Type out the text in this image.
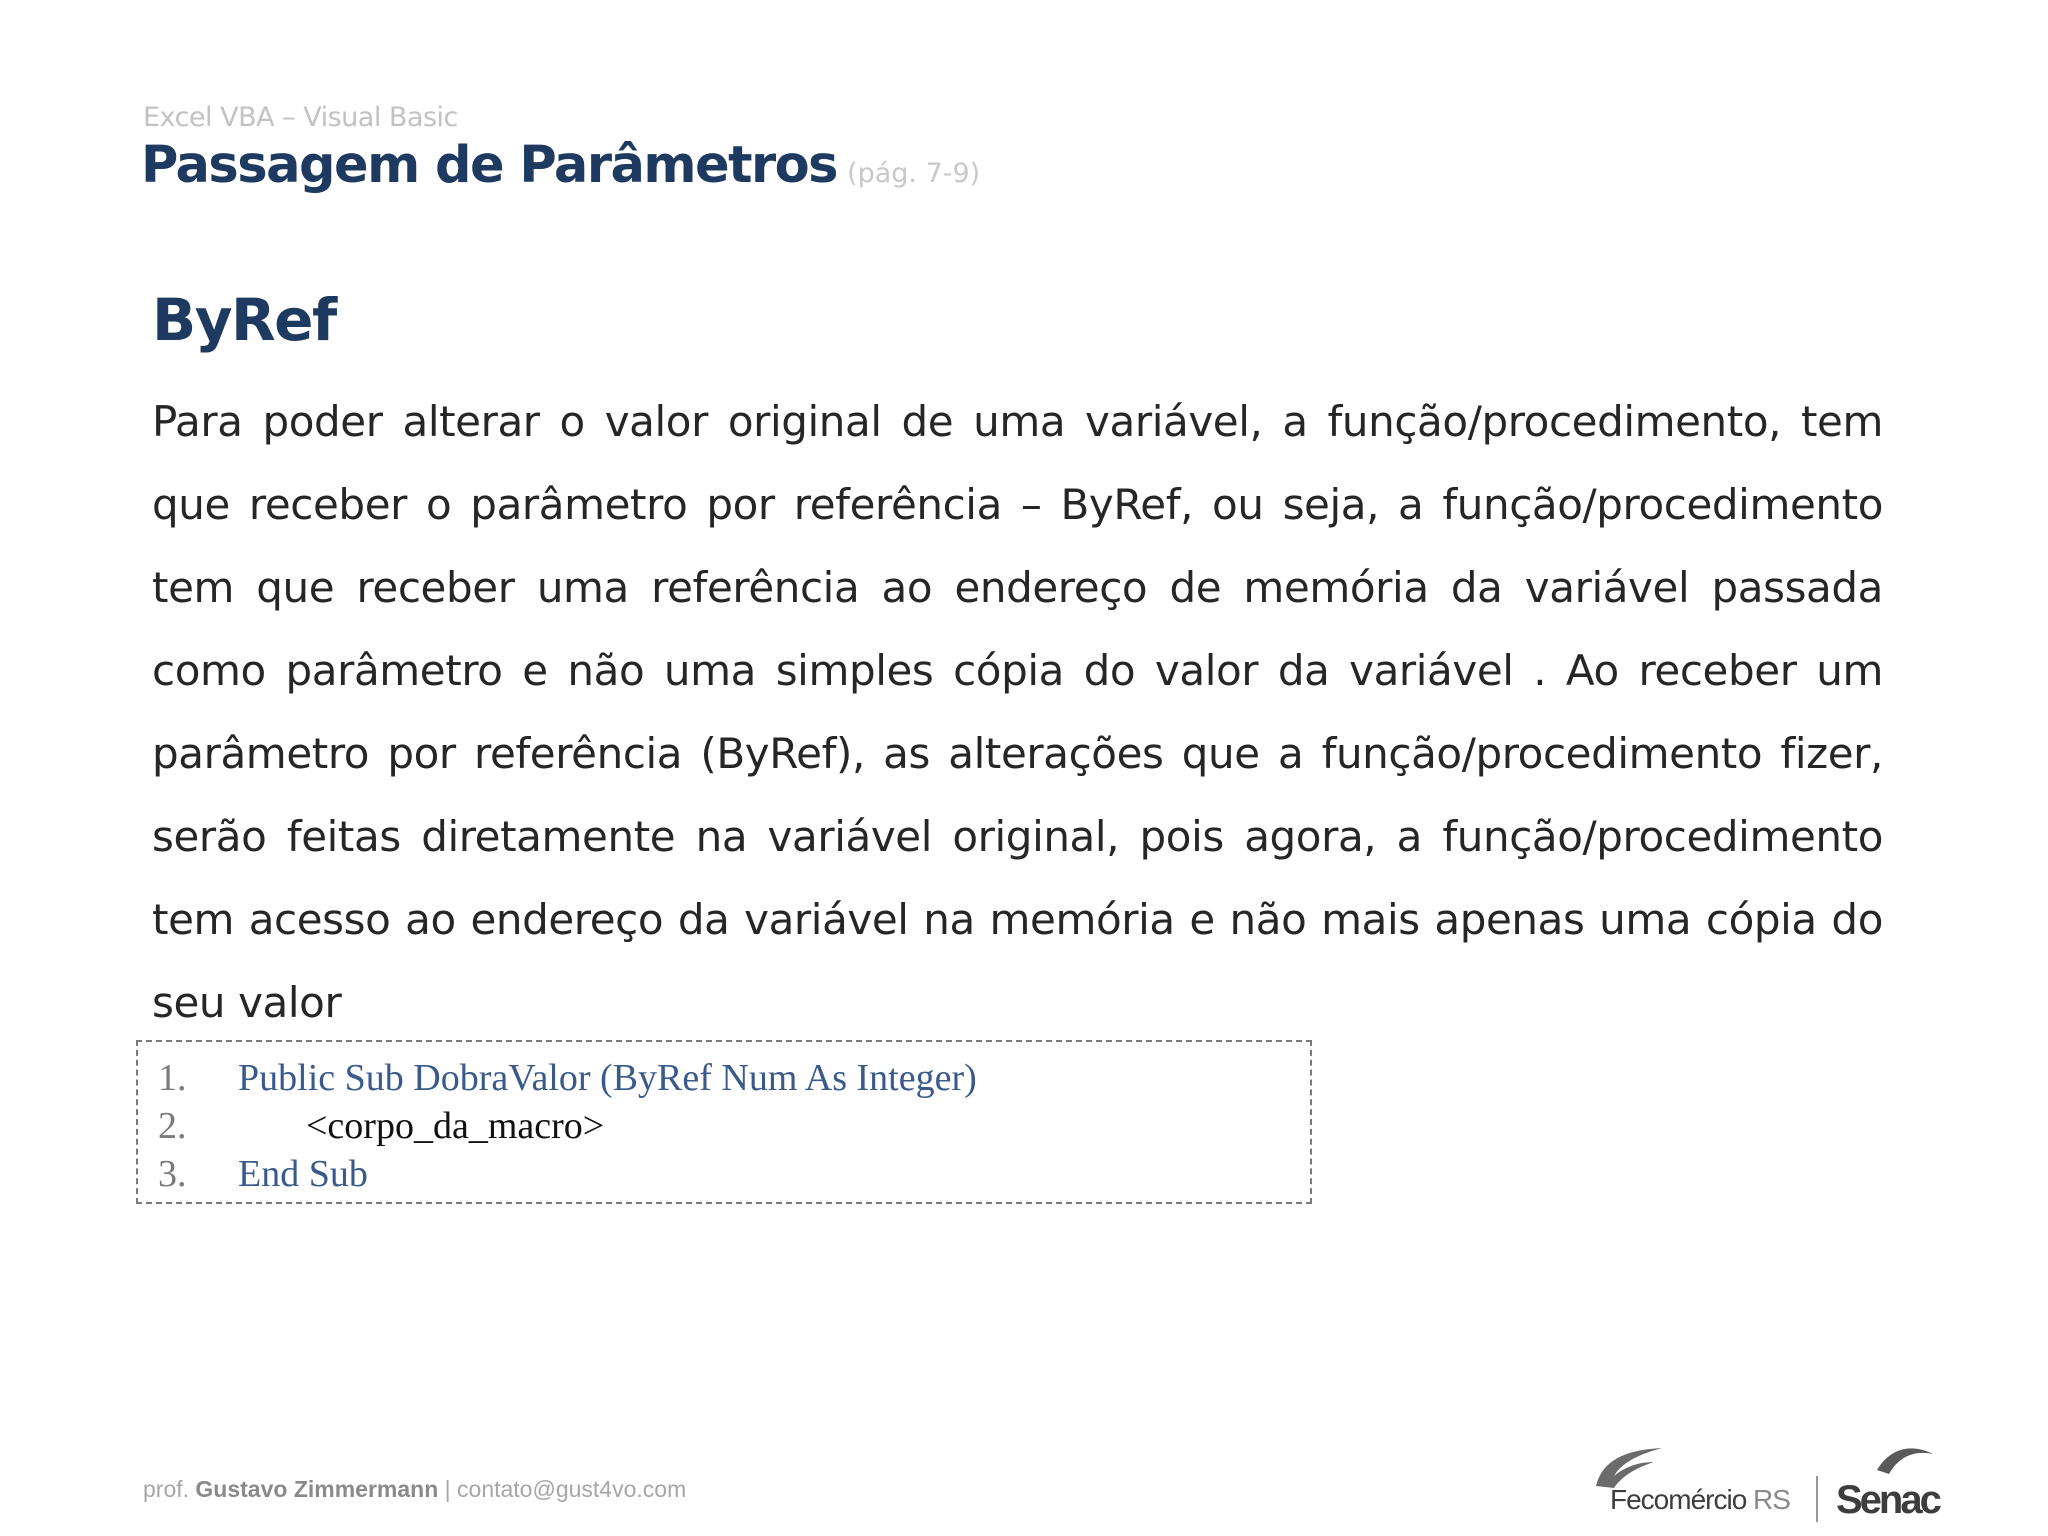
Excel VBA – Visual Basic
Passagem de Parâmetros (pág. 7-9)
ByRef
Para poder alterar o valor original de uma variável, a função/procedimento, tem que receber o parâmetro por referência – ByRef, ou seja, a função/procedimento tem que receber uma referência ao endereço de memória da variável passada como parâmetro e não uma simples cópia do valor da variável . Ao receber um parâmetro por referência (ByRef), as alterações que a função/procedimento fizer, serão feitas diretamente na variável original, pois agora, a função/procedimento tem acesso ao endereço da variável na memória e não mais apenas uma cópia do seu valor
1. Public Sub DobraValor (ByRef Num As Integer)
2.	<corpo_da_macro>
3. End Sub
prof. Gustavo Zimmermann | contato@gust4vo.com	Fecomércio RS Senac
